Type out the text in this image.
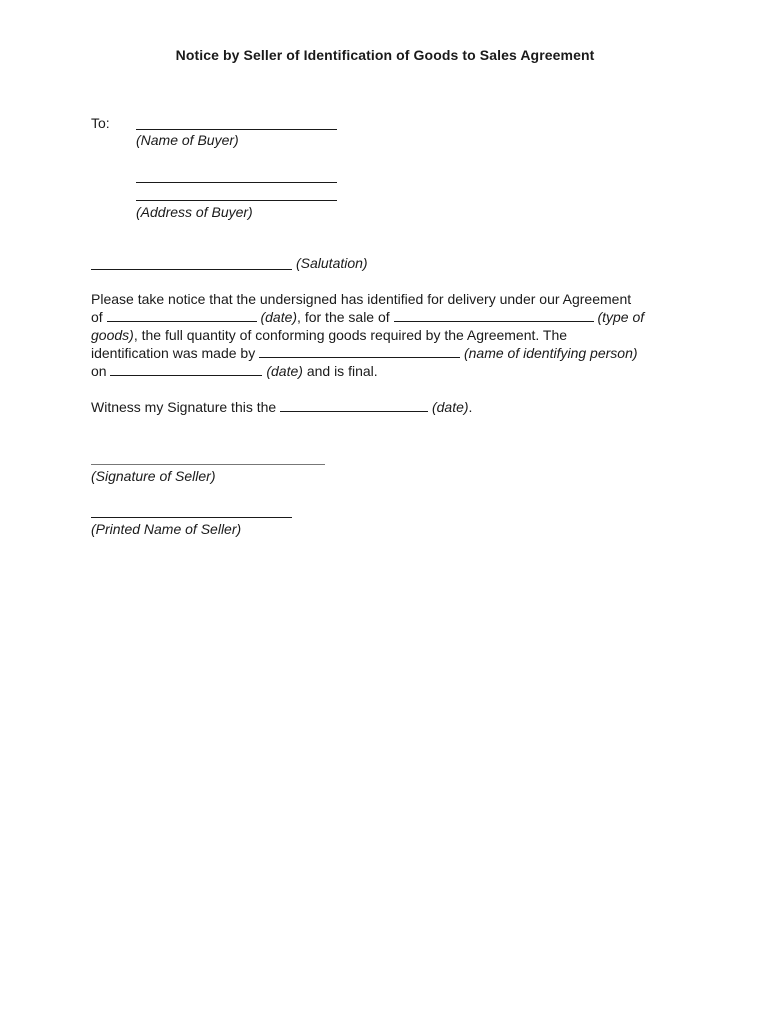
Notice by Seller of Identification of Goods to Sales Agreement
To:
(Name of Buyer)
(Address of Buyer)
(Salutation)
Please take notice that the undersigned has identified for delivery under our Agreement
of	(date), for the sale of	(type of
goods), the full quantity of conforming goods required by the Agreement. The
identification was made by	(name of identifying person)
on	(date) and is final.
Witness my Signature this the	(date).
(Signature of Seller)
(Printed Name of Seller)
